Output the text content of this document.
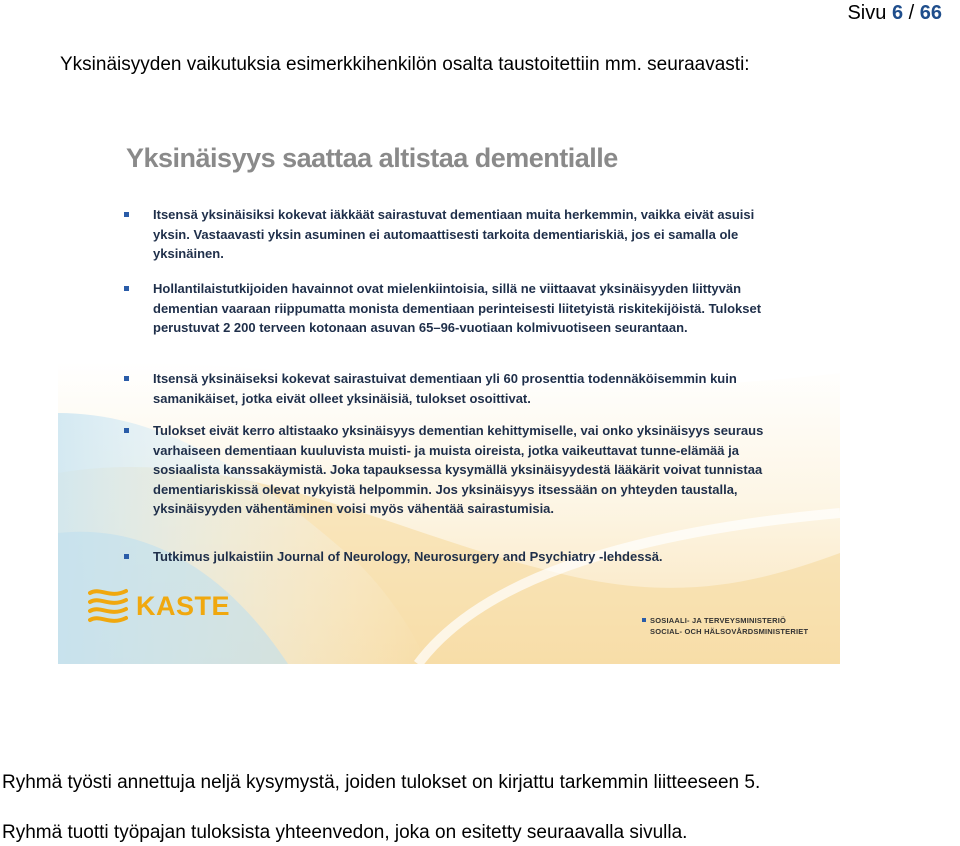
Sivu 6 / 66
Yksinäisyyden vaikutuksia esimerkkihenkilön osalta taustoitettiin mm. seuraavasti:
Yksinäisyys saattaa altistaa dementialle
Itsensä yksinäisiksi kokevat iäkkäät sairastuvat dementiaan muita herkemmin, vaikka eivät asuisi yksin. Vastaavasti yksin asuminen ei automaattisesti tarkoita dementiariskiä, jos ei samalla ole yksinäinen.
Hollantilaistutkijoiden havainnot ovat mielenkiintoisia, sillä ne viittaavat yksinäisyyden liittyvän dementian vaaraan riippumatta monista dementiaan perinteisesti liitetyistä riskitekijöistä. Tulokset perustuvat 2 200 terveen kotonaan asuvan 65–96-vuotiaan kolmivuotiseen seurantaan.
Itsensä yksinäiseksi kokevat sairastuivat dementiaan yli 60 prosenttia todennäköisemmin kuin samanikäiset, jotka eivät olleet yksinäisiä, tulokset osoittivat.
Tulokset eivät kerro altistaako yksinäisyys dementian kehittymiselle, vai onko yksinäisyys seuraus varhaiseen dementiaan kuuluvista muisti- ja muista oireista, jotka vaikeuttavat tunne-elämää ja sosiaalista kanssakäymistä. Joka tapauksessa kysymällä yksinäisyydestä lääkärit voivat tunnistaa dementiariskissä olevat nykyistä helpommin. Jos yksinäisyys itsessään on yhteyden taustalla, yksinäisyyden vähentäminen voisi myös vähentää sairastumisia.
Tutkimus julkaistiin Journal of Neurology, Neurosurgery and Psychiatry -lehdessä.
KASTE	SOSIAALI- JA TERVEYSMINISTERIÖ
SOCIAL- OCH HÄLSOVÅRDSMINISTERIET
Ryhmä työsti annettuja neljä kysymystä, joiden tulokset on kirjattu tarkemmin liitteeseen 5.
Ryhmä tuotti työpajan tuloksista yhteenvedon, joka on esitetty seuraavalla sivulla.
